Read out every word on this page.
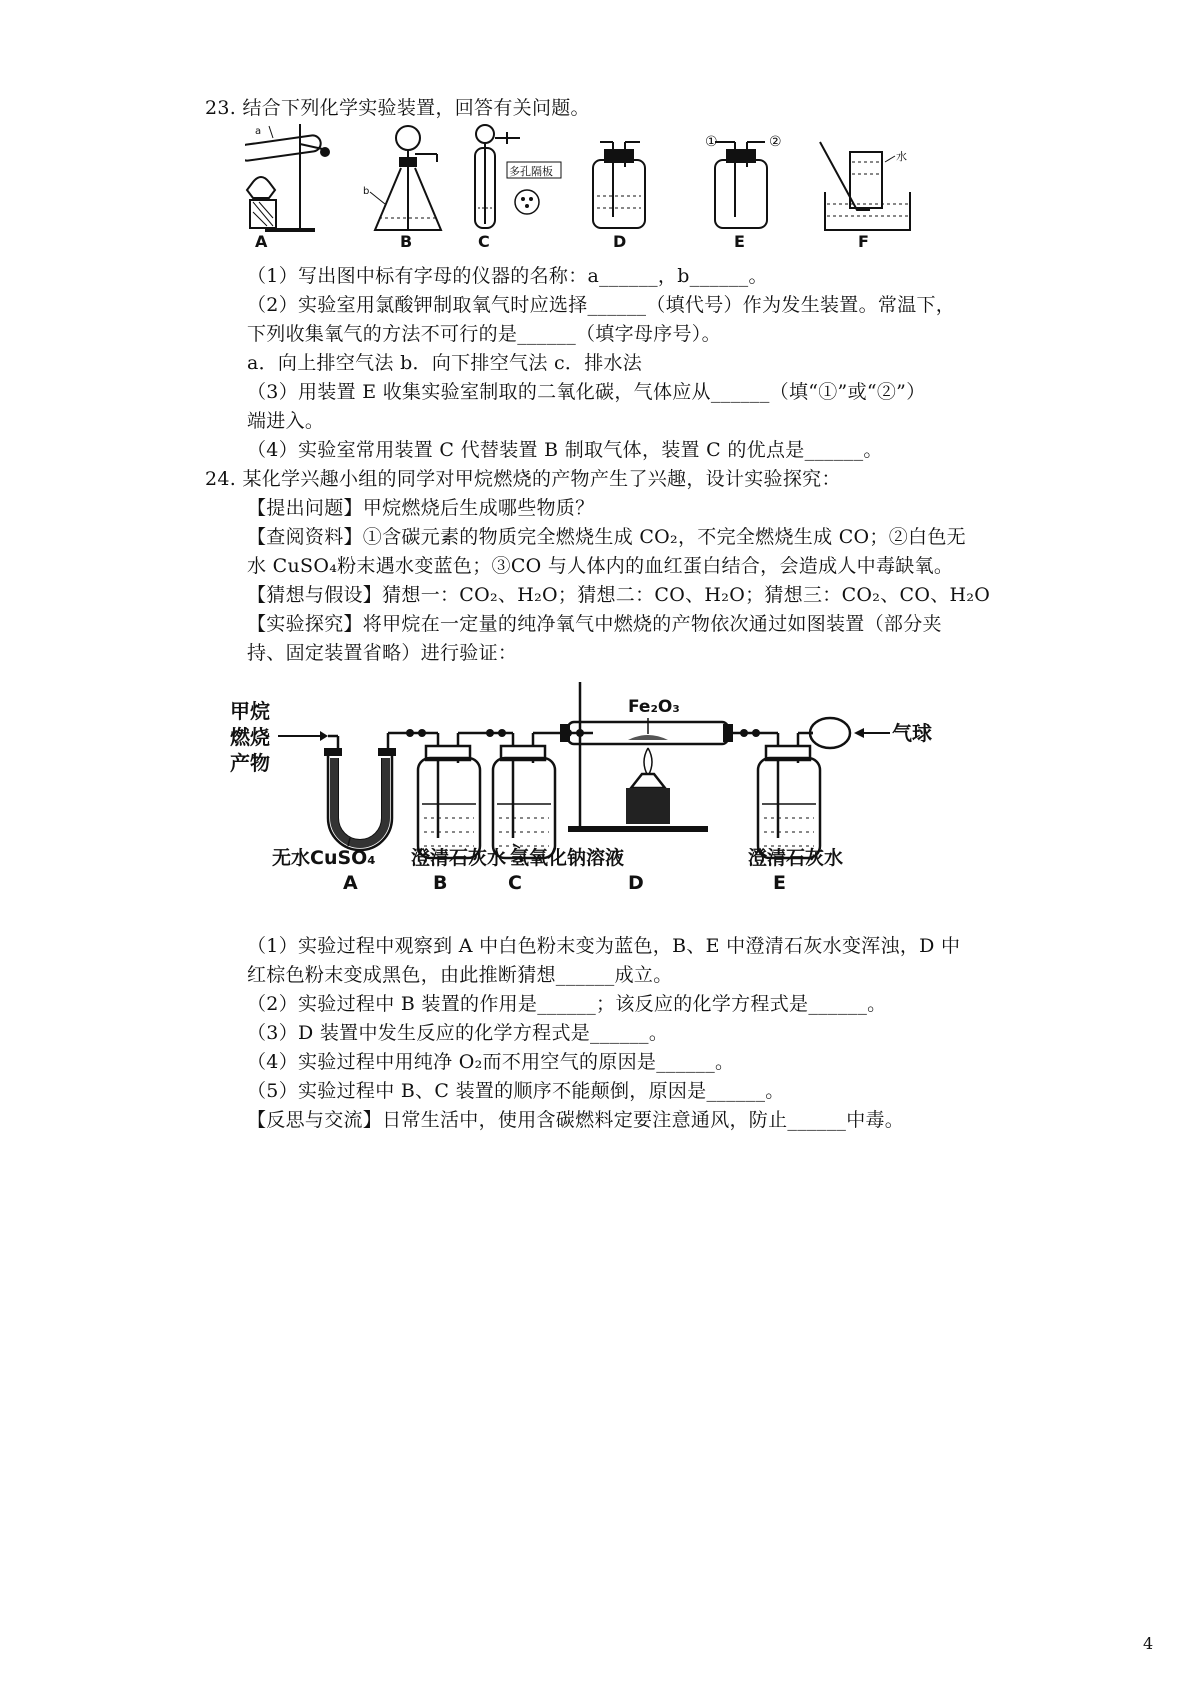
23. 结合下列化学实验装置，回答有关问题。
a
A
b
B
多孔隔板
C	D
①	②
E
水
F
（1）写出图中标有字母的仪器的名称：a______，b______。
（2）实验室用氯酸钾制取氧气时应选择______（填代号）作为发生装置。常温下，
下列收集氧气的方法不可行的是______（填字母序号）。
a．向上排空气法 b．向下排空气法 c．排水法
（3）用装置 E 收集实验室制取的二氧化碳，气体应从______（填“①”或“②”）
端进入。
（4）实验室常用装置 C 代替装置 B 制取气体，装置 C 的优点是______。
24. 某化学兴趣小组的同学对甲烷燃烧的产物产生了兴趣，设计实验探究：
【提出问题】甲烷燃烧后生成哪些物质？
【查阅资料】①含碳元素的物质完全燃烧生成 CO₂，不完全燃烧生成 CO；②白色无
水 CuSO₄粉末遇水变蓝色；③CO 与人体内的血红蛋白结合，会造成人中毒缺氧。
【猜想与假设】猜想一：CO₂、H₂O；猜想二：CO、H₂O；猜想三：CO₂、CO、H₂O
【实验探究】将甲烷在一定量的纯净氧气中燃烧的产物依次通过如图装置（部分夹
持、固定装置省略）进行验证：
甲烷
燃烧
产物
Fe₂O₃
气球
无水CuSO₄ 澄清石灰水 氢氧化钠溶液	澄清石灰水
A	B	C	D	E
（1）实验过程中观察到 A 中白色粉末变为蓝色，B、E 中澄清石灰水变浑浊，D 中
红棕色粉末变成黑色，由此推断猜想______成立。
（2）实验过程中 B 装置的作用是______；该反应的化学方程式是______。
（3）D 装置中发生反应的化学方程式是______。
（4）实验过程中用纯净 O₂而不用空气的原因是______。
（5）实验过程中 B、C 装置的顺序不能颠倒，原因是______。
【反思与交流】日常生活中，使用含碳燃料定要注意通风，防止______中毒。
4
